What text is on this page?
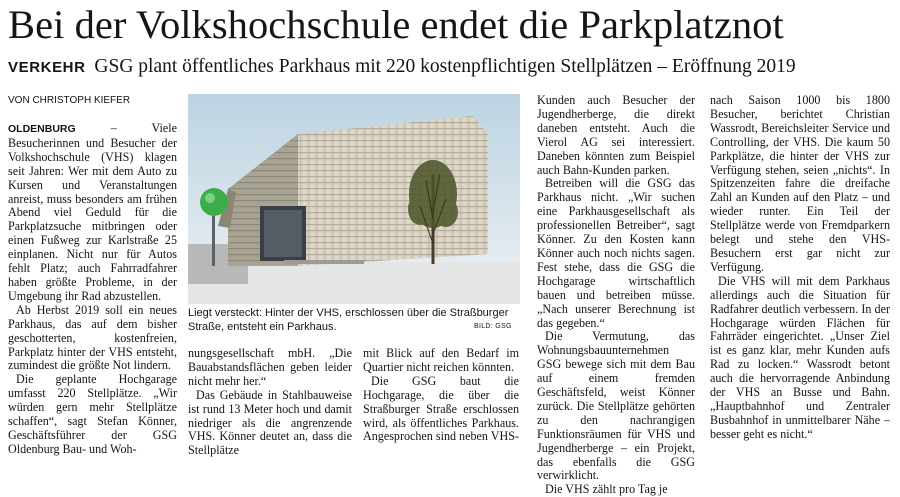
Bei der Volkshochschule endet die Parkplatznot
VERKEHR GSG plant öffentliches Parkhaus mit 220 kostenpflichtigen Stellplätzen – Eröffnung 2019
VON CHRISTOPH KIEFER

OLDENBURG – Viele Besucherinnen und Besucher der Volkshochschule (VHS) klagen seit Jahren: Wer mit dem Auto zu Kursen und Veranstaltungen anreist, muss besonders am frühen Abend viel Geduld für die Parkplatzsuche mitbringen oder einen Fußweg zur Karlstraße 25 einplanen. Nicht nur für Autos fehlt Platz; auch Fahrradfahrer haben größte Probleme, in der Umgebung ihr Rad abzustellen.

Ab Herbst 2019 soll ein neues Parkhaus, das auf dem bisher geschotterten, kostenfreien, Parkplatz hinter der VHS entsteht, zumindest die größte Not lindern.

Die geplante Hochgarage umfasst 220 Stellplätze. „Wir würden gern mehr Stellplätze schaffen“, sagt Stefan Könner, Geschäftsführer der GSG Oldenburg Bau- und Woh-

Liegt versteckt: Hinter der VHS, erschlossen über die Straßburger Straße, entsteht ein Parkhaus.	BILD: GSG

nungsgesellschaft mbH. „Die Bauabstandsflächen geben leider nicht mehr her.“

Das Gebäude in Stahlbauweise ist rund 13 Meter hoch und damit niedriger als die angrenzende VHS. Könner deutet an, dass die Stellplätze

mit Blick auf den Bedarf im Quartier nicht reichen könnten.

Die GSG baut die Hochgarage, die über die Straßburger Straße erschlossen wird, als öffentliches Parkhaus. Angesprochen sind neben VHS-

Kunden auch Besucher der Jugendherberge, die direkt daneben entsteht. Auch die Vierol AG sei interessiert. Daneben könnten zum Beispiel auch Bahn-Kunden parken.

Betreiben will die GSG das Parkhaus nicht. „Wir suchen eine Parkhausgesellschaft als professionellen Betreiber“, sagt Könner. Zu den Kosten kann Könner auch noch nichts sagen. Fest stehe, dass die GSG die Hochgarage wirtschaftlich bauen und betreiben müsse. „Nach unserer Berechnung ist das gegeben.“

Die Vermutung, das Wohnungsbauunternehmen GSG bewege sich mit dem Bau auf einem fremden Geschäftsfeld, weist Könner zurück. Die Stellplätze gehörten zu den nachrangigen Funktionsräumen für VHS und Jugendherberge – ein Projekt, das ebenfalls die GSG verwirklicht.

Die VHS zählt pro Tag je

nach Saison 1000 bis 1800 Besucher, berichtet Christian Wassrodt, Bereichsleiter Service und Controlling, der VHS. Die kaum 50 Parkplätze, die hinter der VHS zur Verfügung stehen, seien „nichts“. In Spitzenzeiten fahre die dreifache Zahl an Kunden auf den Platz – und wieder runter. Ein Teil der Stellplätze werde von Fremdparkern belegt und stehe den VHS-Besuchern erst gar nicht zur Verfügung.

Die VHS will mit dem Parkhaus allerdings auch die Situation für Radfahrer deutlich verbessern. In der Hochgarage würden Flächen für Fahrräder eingerichtet. „Unser Ziel ist es ganz klar, mehr Kunden aufs Rad zu locken.“ Wassrodt betont auch die hervorragende Anbindung der VHS an Busse und Bahn. „Hauptbahnhof und Zentraler Busbahnhof in unmittelbarer Nähe – besser geht es nicht.“
